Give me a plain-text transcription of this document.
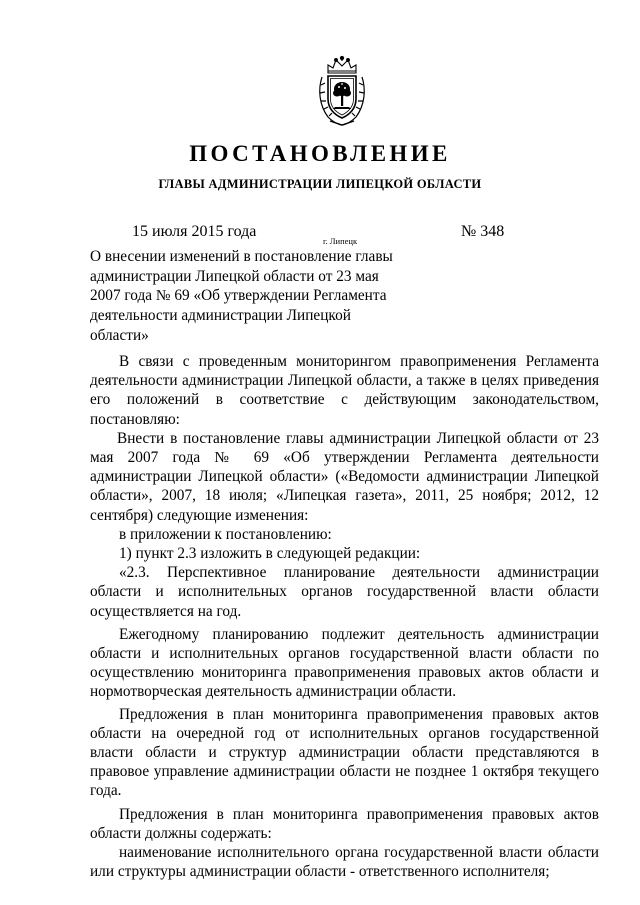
ПОСТАНОВЛЕНИЕ
ГЛАВЫ АДМИНИСТРАЦИИ ЛИПЕЦКОЙ ОБЛАСТИ
15 июля 2015 года
г. Липецк
№ 348
О внесении изменений в постановление главы администрации Липецкой области от 23 мая 2007 года № 69 «Об утверждении Регламента деятельности администрации Липецкой области»

В связи с проведенным мониторингом правоприменения Регламента деятельности администрации Липецкой области, а также в целях приведения его положений в соответствие с действующим законодательством, постановляю:

Внести в постановление главы администрации Липецкой области от 23 мая 2007 года № 69 «Об утверждении Регламента деятельности администрации Липецкой области» («Ведомости администрации Липецкой области», 2007, 18 июля; «Липецкая газета», 2011, 25 ноября; 2012, 12 сентября) следующие изменения:

в приложении к постановлению:

1) пункт 2.3 изложить в следующей редакции:

«2.3. Перспективное планирование деятельности администрации области и исполнительных органов государственной власти области осуществляется на год.

Ежегодному планированию подлежит деятельность администрации области и исполнительных органов государственной власти области по осуществлению мониторинга правоприменения правовых актов области и нормотворческая деятельность администрации области.

Предложения в план мониторинга правоприменения правовых актов области на очередной год от исполнительных органов государственной власти области и структур администрации области представляются в правовое управление администрации области не позднее 1 октября текущего года.

Предложения в план мониторинга правоприменения правовых актов области должны содержать:

наименование исполнительного органа государственной власти области или структуры администрации области - ответственного исполнителя;
